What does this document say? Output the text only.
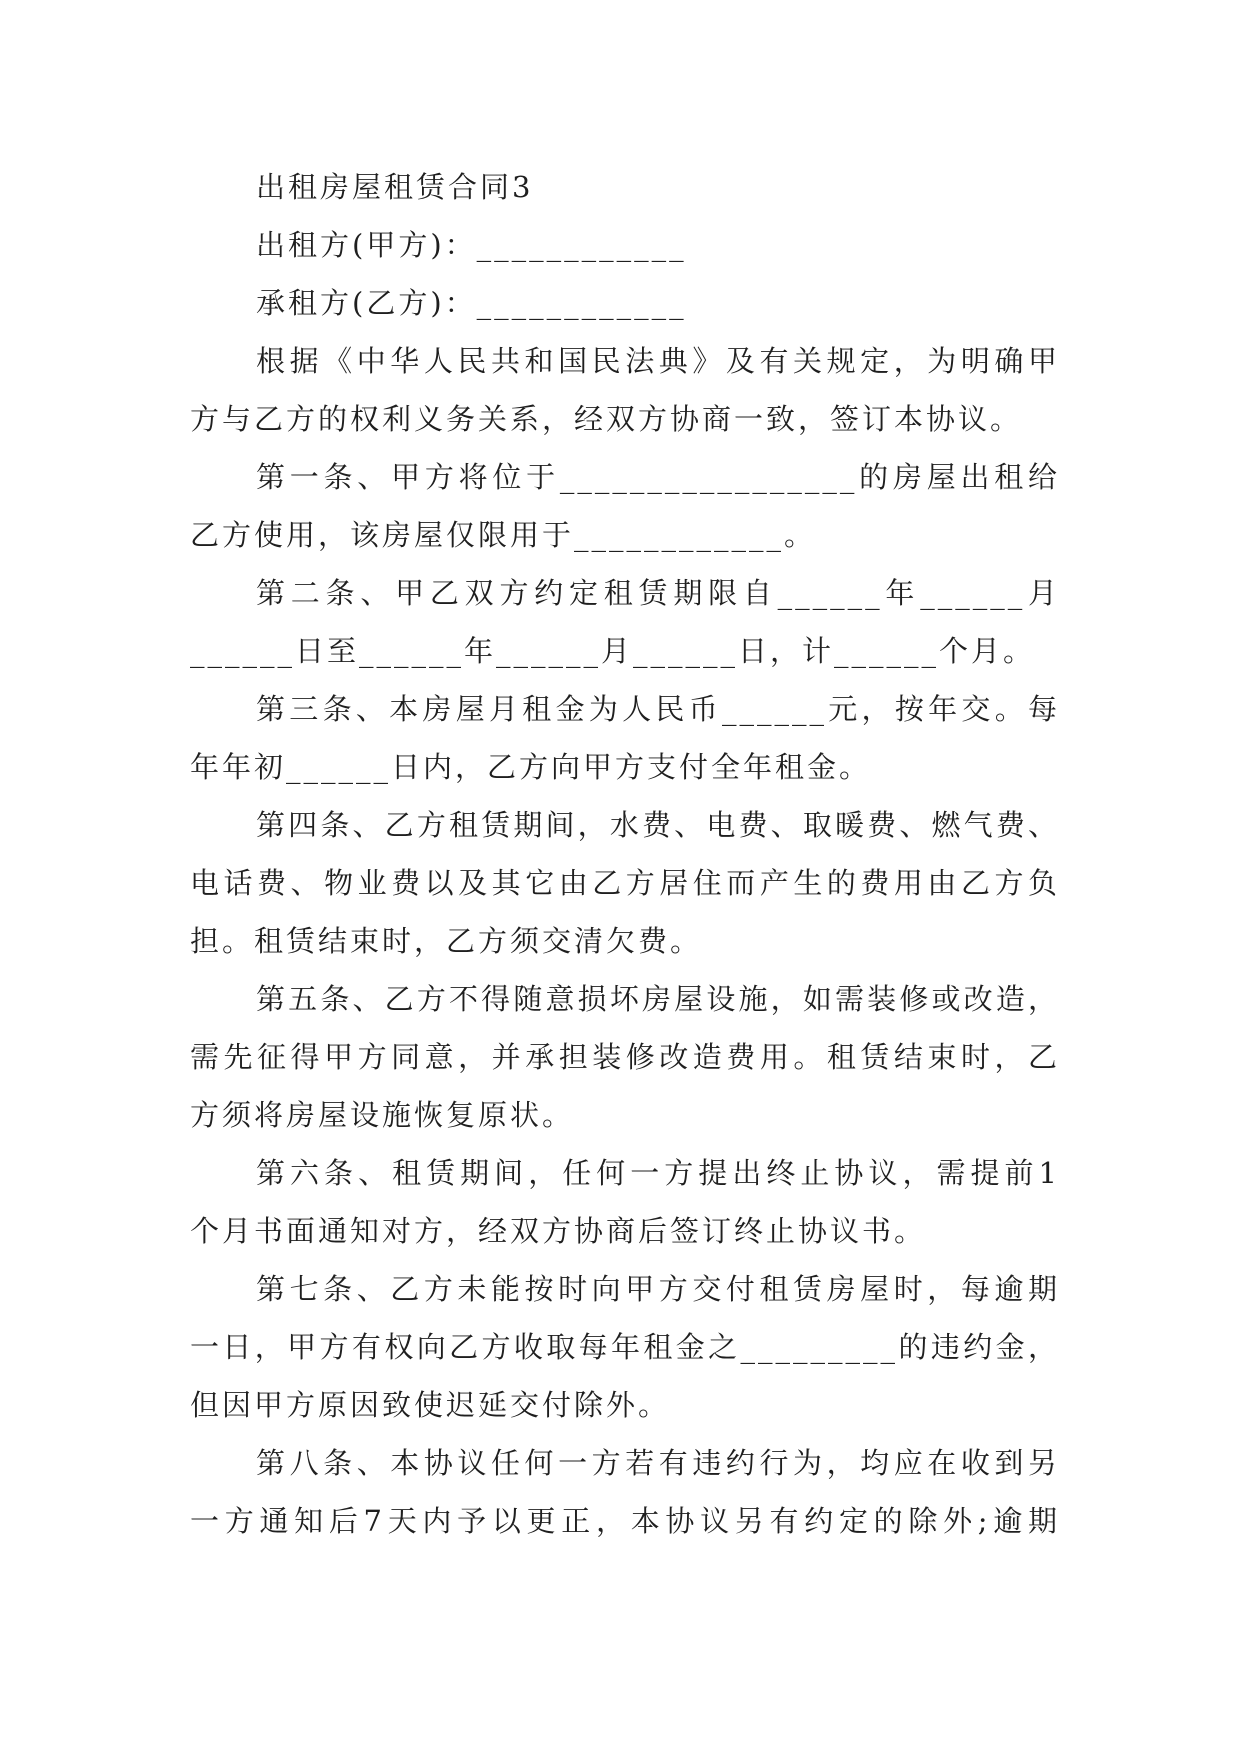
出租房屋租赁合同3
出租方(甲方)：____________
承租方(乙方)：____________
根据《中华人民共和国民法典》及有关规定，为明确甲
方与乙方的权利义务关系，经双方协商一致，签订本协议。
第一条、甲方将位于_________________的房屋出租给
乙方使用，该房屋仅限用于____________。
第二条、甲乙双方约定租赁期限自______年______月
______日至______年______月______日，计______个月。
第三条、本房屋月租金为人民币______元，按年交。每
年年初______日内，乙方向甲方支付全年租金。
第四条、乙方租赁期间，水费、电费、取暖费、燃气费、
电话费、物业费以及其它由乙方居住而产生的费用由乙方负
担。租赁结束时，乙方须交清欠费。
第五条、乙方不得随意损坏房屋设施，如需装修或改造，
需先征得甲方同意，并承担装修改造费用。租赁结束时，乙
方须将房屋设施恢复原状。
第六条、租赁期间，任何一方提出终止协议，需提前1
个月书面通知对方，经双方协商后签订终止协议书。
第七条、乙方未能按时向甲方交付租赁房屋时，每逾期
一日，甲方有权向乙方收取每年租金之_________的违约金，
但因甲方原因致使迟延交付除外。
第八条、本协议任何一方若有违约行为，均应在收到另
一方通知后7天内予以更正，本协议另有约定的除外;逾期
